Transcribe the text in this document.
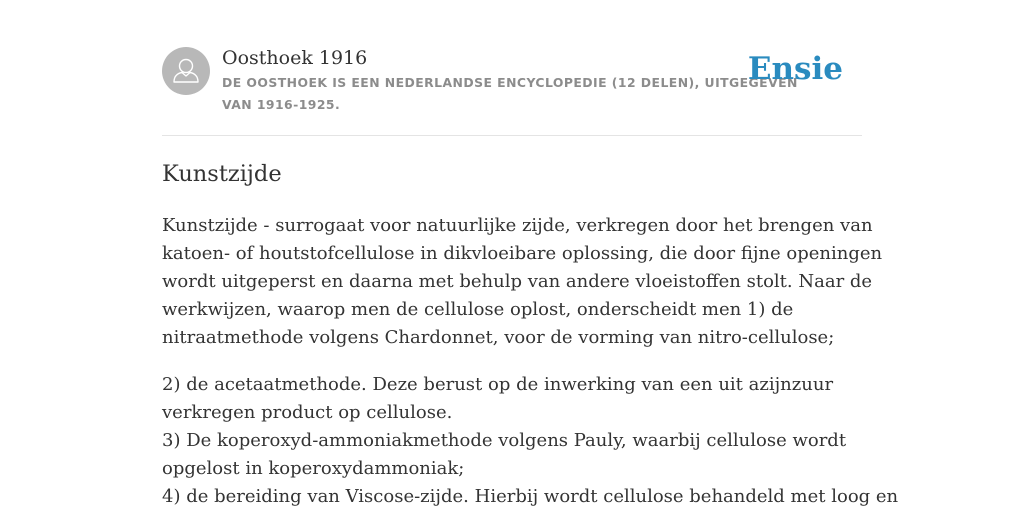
Oosthoek 1916
DE OOSTHOEK IS EEN NEDERLANDSE ENCYCLOPEDIE (12 DELEN), UITGEGEVEN
VAN 1916-1925.
Ensie
Kunstzijde

Kunstzijde - surrogaat voor natuurlijke zijde, verkregen door het brengen van
katoen- of houtstofcellulose in dikvloeibare oplossing, die door fijne openingen
wordt uitgeperst en daarna met behulp van andere vloeistoffen stolt. Naar de
werkwijzen, waarop men de cellulose oplost, onderscheidt men 1) de
nitraatmethode volgens Chardonnet, voor de vorming van nitro-cellulose;

2) de acetaatmethode. Deze berust op de inwerking van een uit azijnzuur
verkregen product op cellulose.
3) De koperoxyd-ammoniakmethode volgens Pauly, waarbij cellulose wordt
opgelost in koperoxydammoniak;
4) de bereiding van Viscose-zijde. Hierbij wordt cellulose behandeld met loog en
